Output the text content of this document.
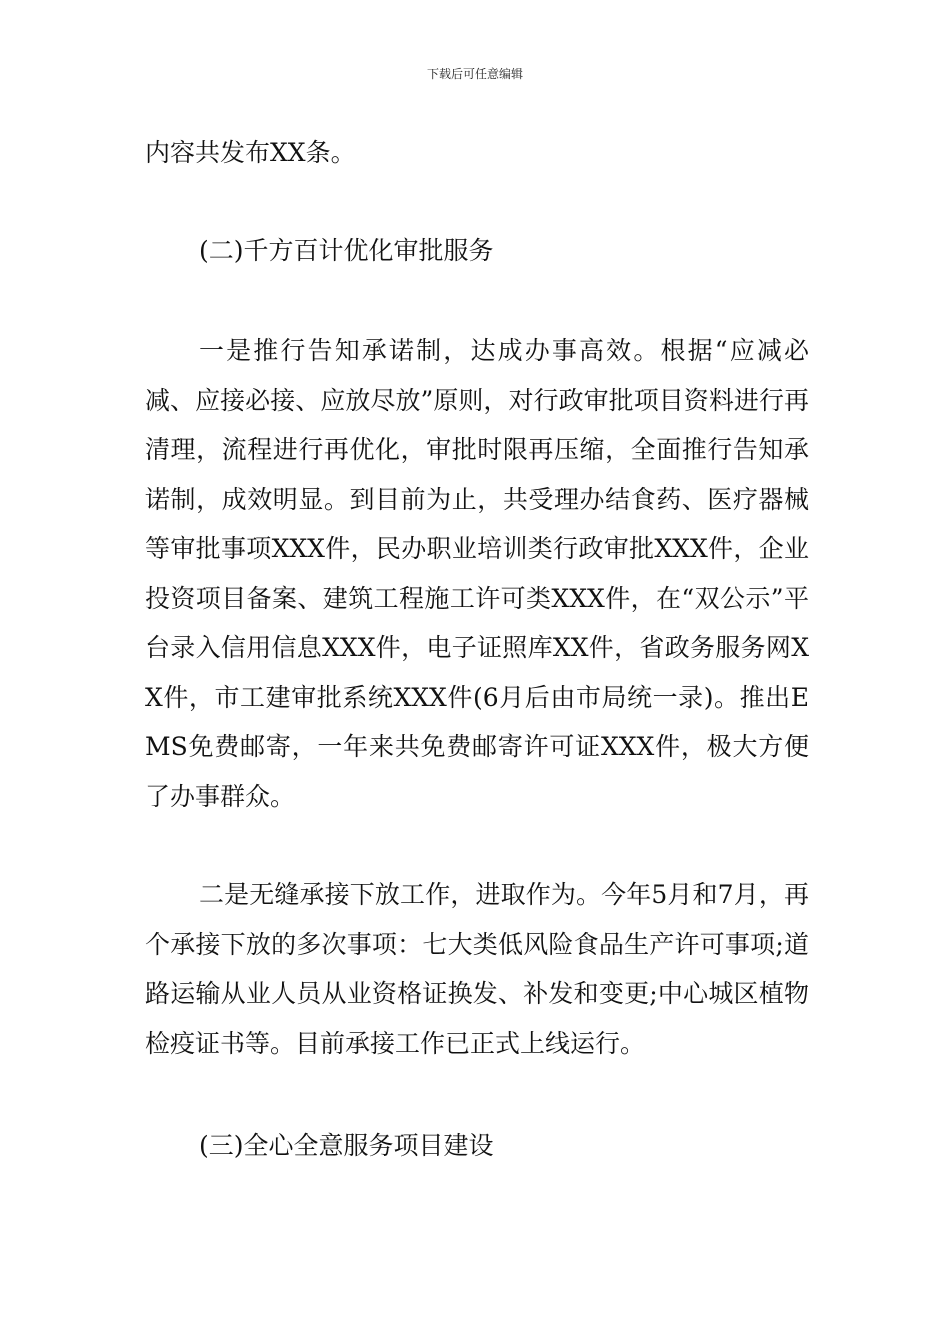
下载后可任意编辑

内容共发布XX条。

(二)千方百计优化审批服务

一是推行告知承诺制，达成办事高效。根据“应减必减、应接必接、应放尽放”原则，对行政审批项目资料进行再清理，流程进行再优化，审批时限再压缩，全面推行告知承诺制，成效明显。到目前为止，共受理办结食药、医疗器械等审批事项XXX件，民办职业培训类行政审批XXX件，企业投资项目备案、建筑工程施工许可类XXX件，在“双公示”平台录入信用信息XXX件，电子证照库XX件，省政务服务网XX件，市工建审批系统XXX件(6月后由市局统一录)。推出EMS免费邮寄，一年来共免费邮寄许可证XXX件，极大方便了办事群众。

二是无缝承接下放工作，进取作为。今年5月和7月，再个承接下放的多次事项：七大类低风险食品生产许可事项;道路运输从业人员从业资格证换发、补发和变更;中心城区植物检疫证书等。目前承接工作已正式上线运行。

(三)全心全意服务项目建设
